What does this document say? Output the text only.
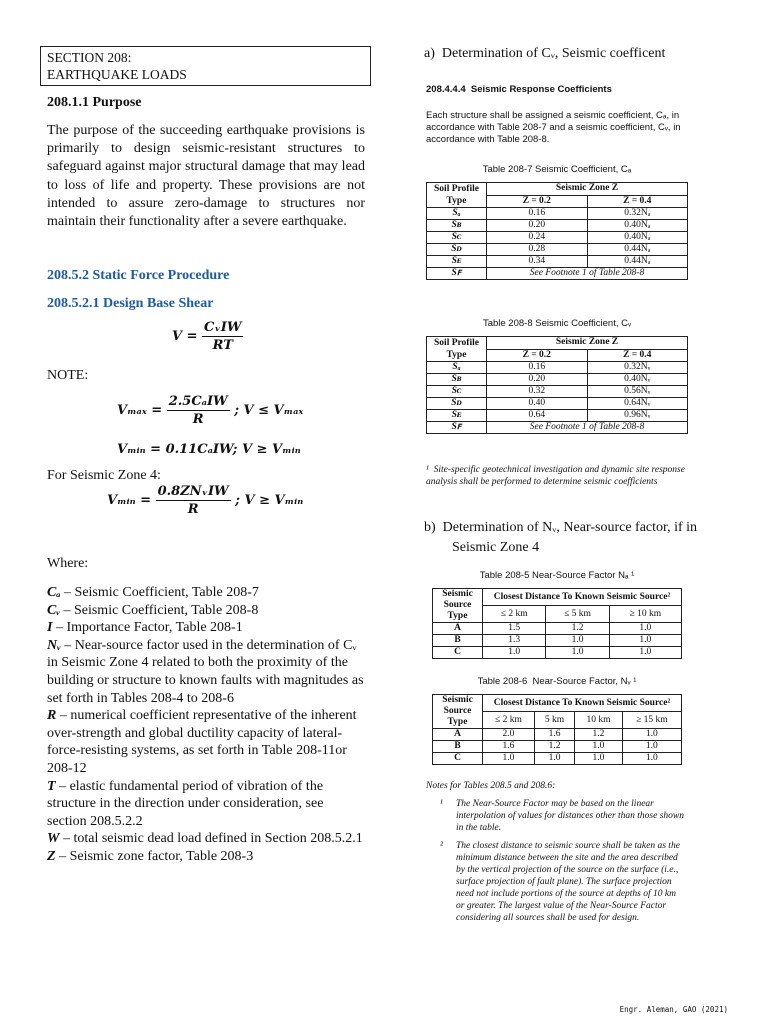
SECTION 208:
EARTHQUAKE LOADS
208.1.1 Purpose
The purpose of the succeeding earthquake provisions is primarily to design seismic-resistant structures to safeguard against major structural damage that may lead to loss of life and property. These provisions are not intended to assure zero-damage to structures nor maintain their functionality after a severe earthquake.
208.5.2 Static Force Procedure
208.5.2.1 Design Base Shear
$V = \frac{\text{CᵥIW}}{RT}$
NOTE:
$V_{max} = \frac{\text{2.5CₐIW}}{R}$ ; V ≤ Vₘₐₓ
Vₘᵢₙ = 0.11CₐIW; V ≥ Vₘᵢₙ
For Seismic Zone 4:
Vₘᵢₙ = $\frac{\text{0.8ZNᵥIW}}{R}$ ; V ≥ Vₘᵢₙ
Where:
Cₐ – Seismic Coefficient, Table 208-7
Cᵥ – Seismic Coefficient, Table 208-8
I – Importance Factor, Table 208-1
Nᵥ – Near-source factor used in the determination of Cᵥ in Seismic Zone 4 related to both the proximity of the building or structure to known faults with magnitudes as set forth in Tables 208-4 to 208-6
R – numerical coefficient representative of the inherent over-strength and global ductility capacity of lateral-force-resisting systems, as set forth in Table 208-11or 208-12
T – elastic fundamental period of vibration of the structure in the direction under consideration, see section 208.5.2.2
W – total seismic dead load defined in Section 208.5.2.1
Z – Seismic zone factor, Table 208-3
a)  Determination of Cᵥ, Seismic coefficent
208.4.4.4  Seismic Response Coefficients
Each structure shall be assigned a seismic coefficient, Cₐ, in accordance with Table 208-7 and a seismic coefficient, Cᵥ, in accordance with Table 208-8.
Table 208-7 Seismic Coefficient, Cₐ
Soil Profile Type	Seismic Zone Z	
	Z = 0.2	Z = 0.4
Sₐ	0.16	0.32Nₐ
Sʙ	0.20	0.40Nₐ
Sᴄ	0.24	0.40Nₐ
Sᴅ	0.28	0.44Nₐ
Sᴇ	0.34	0.44Nₐ
Sꜰ	See Footnote 1 of Table 208-8	
Table 208-8 Seismic Coefficient, Cᵥ
Soil Profile Type	Seismic Zone Z	
	Z = 0.2	Z = 0.4
Sₐ	0.16	0.32Nᵥ
Sʙ	0.20	0.40Nᵥ
Sᴄ	0.32	0.56Nᵥ
Sᴅ	0.40	0.64Nᵥ
Sᴇ	0.64	0.96Nᵥ
Sꜰ	See Footnote 1 of Table 208-8	
¹  Site-specific geotechnical investigation and dynamic site response analysis shall be performed to determine seismic coefficients
b)  Determination of Nᵥ, Near-source factor, if in
Seismic Zone 4
Table 208-5 Near-Source Factor Nₐ ¹
Seismic Source Type	Closest Distance To Known Seismic Source²		
	≤ 2 km	≤ 5 km	≥ 10 km
A	1.5	1.2	1.0
B	1.3	1.0	1.0
C	1.0	1.0	1.0
Table 208-6  Near-Source Factor, Nᵥ ¹
Seismic Source Type	Closest Distance To Known Seismic Source²			
	≤ 2 km	5 km	10 km	≥ 15 km
A	2.0	1.6	1.2	1.0
B	1.6	1.2	1.0	1.0
C	1.0	1.0	1.0	1.0
Notes for Tables 208.5 and 208.6:
¹ The Near-Source Factor may be based on the linear interpolation of values for distances other than those shown in the table.
² The closest distance to seismic source shall be taken as the minimum distance between the site and the area described by the vertical projection of the source on the surface (i.e., surface projection of fault plane). The surface projection need not include portions of the source at depths of 10 km or greater. The largest value of the Near-Source Factor considering all sources shall be used for design.
Engr. Aleman, GAO (2021)
